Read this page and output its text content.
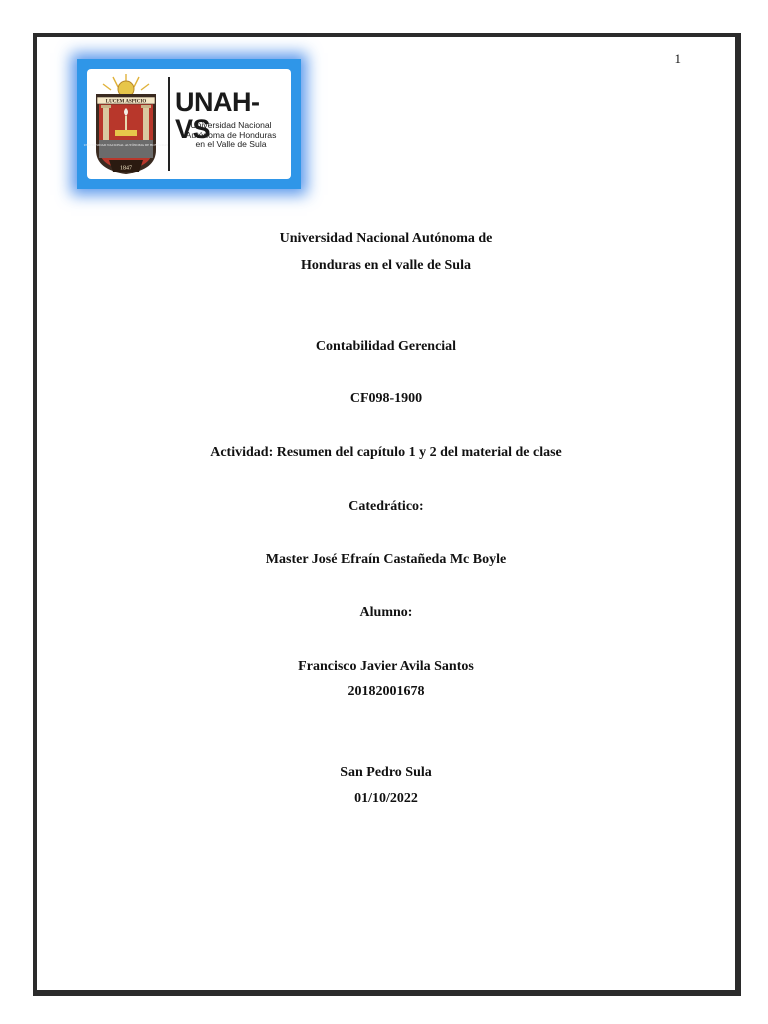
1
LUCEM ASPICIO
UNIVERSIDAD NACIONAL AUTÓNOMA DE HONDURAS
1847
UNAH-VS
Universidad Nacional
Autónoma de Honduras
en el Valle de Sula
Universidad Nacional Autónoma de
Honduras en el valle de Sula
Contabilidad Gerencial
CF098-1900
Actividad: Resumen del capítulo 1 y 2 del material de clase
Catedrático:
Master José Efraín Castañeda Mc Boyle
Alumno:
Francisco Javier Avila Santos
20182001678
San Pedro Sula
01/10/2022
